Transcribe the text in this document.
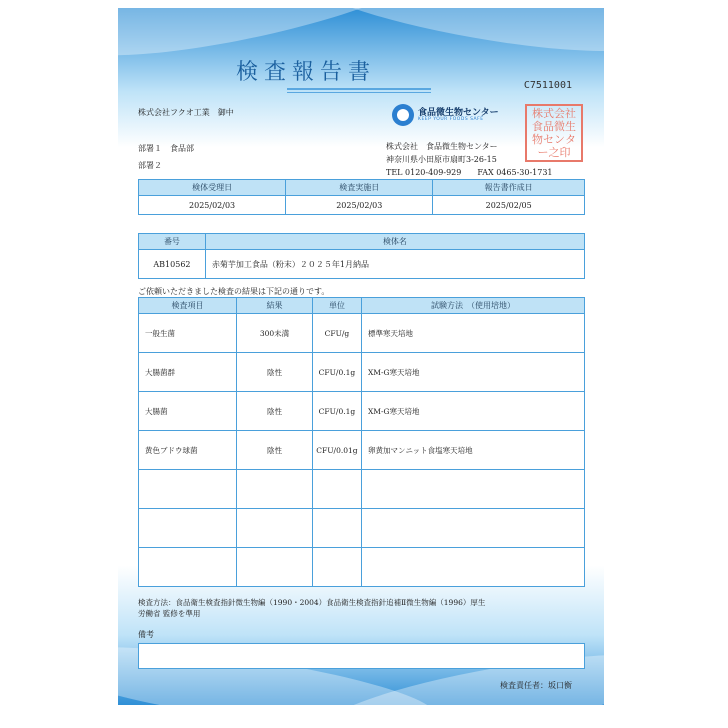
検査報告書
C7511001
株式会社フクオ工業　御中
部署１　食品部
部署２
食品微生物センター
KEEP YOUR FOODS SAFE
株式会社　食品微生物センター
神奈川県小田原市扇町3-26-15
TEL 0120-409-929　　FAX 0465-30-1731
株 式 会 社
食 品 微 生
物 セ ン タ
ー 之 印
検体受理日	検査実施日	報告書作成日
2025/02/03	2025/02/03	2025/02/05
番号	検体名
AB10562	赤菊芋加工食品（粉末）２０２５年1月納品
ご依頼いただきました検査の結果は下記の通りです。
検査項目	結果	単位	試験方法　（使用培地）
一般生菌	300未満	CFU/g	標準寒天培地
大腸菌群	陰性	CFU/0.1g	XM-G寒天培地
大腸菌	陰性	CFU/0.1g	XM-G寒天培地
黄色ブドウ球菌	陰性	CFU/0.01g	卵黄加マンニット食塩寒天培地

検査方法：食品衛生検査指針微生物編（1990・2004）食品衛生検査指針追補Ⅱ微生物編（1996）厚生
労働省 監修を準用
備考
検査責任者：坂口衡
